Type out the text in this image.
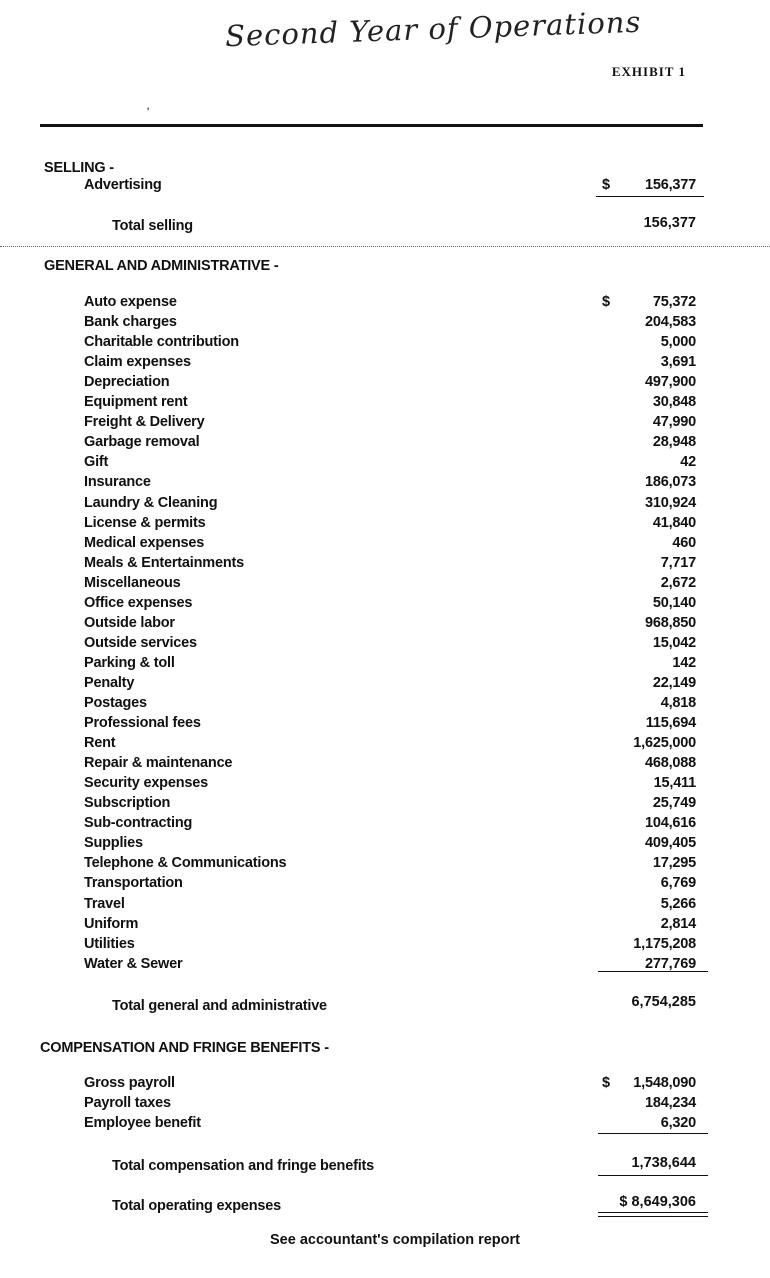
Second Year of Operations
EXHIBIT 1
'
SELLING -
Advertising	$ 156,377
Total selling	156,377
GENERAL AND ADMINISTRATIVE -
Auto expense	$	75,372
Bank charges	204,583
Charitable contribution	5,000
Claim expenses	3,691
Depreciation	497,900
Equipment rent	30,848
Freight & Delivery	47,990
Garbage removal	28,948
Gift	42
Insurance	186,073
Laundry & Cleaning	310,924
License & permits	41,840
Medical expenses	460
Meals & Entertainments	7,717
Miscellaneous	2,672
Office expenses	50,140
Outside labor	968,850
Outside services	15,042
Parking & toll	142
Penalty	22,149
Postages	4,818
Professional fees	115,694
Rent	1,625,000
Repair & maintenance	468,088
Security expenses	15,411
Subscription	25,749
Sub-contracting	104,616
Supplies	409,405
Telephone & Communications	17,295
Transportation	6,769
Travel	5,266
Uniform	2,814
Utilities	1,175,208
Water & Sewer	277,769
Total general and administrative	6,754,285
COMPENSATION AND FRINGE BENEFITS -
Gross payroll	$ 1,548,090
Payroll taxes	184,234
Employee benefit	6,320
Total compensation and fringe benefits	1,738,644
Total operating expenses	$ 8,649,306
See accountant's compilation report
